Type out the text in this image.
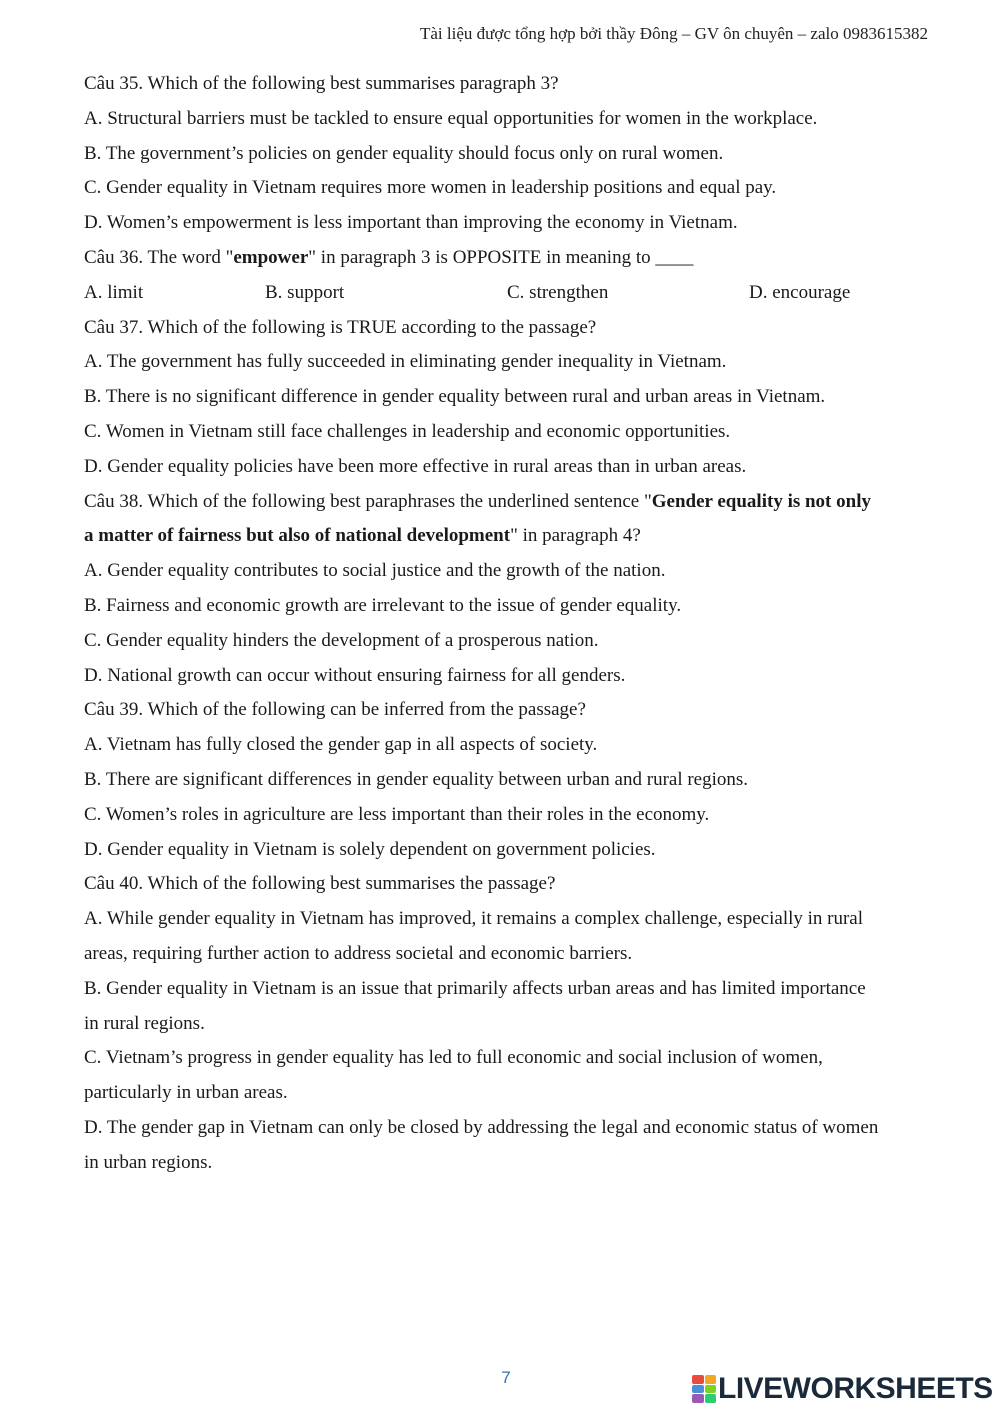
Tài liệu được tổng hợp bởi thầy Đông – GV ôn chuyên – zalo 0983615382
Câu 35. Which of the following best summarises paragraph 3?
A. Structural barriers must be tackled to ensure equal opportunities for women in the workplace.
B. The government’s policies on gender equality should focus only on rural women.
C. Gender equality in Vietnam requires more women in leadership positions and equal pay.
D. Women’s empowerment is less important than improving the economy in Vietnam.
Câu 36. The word "empower" in paragraph 3 is OPPOSITE in meaning to ____
A. limit	B. support	C. strengthen	D. encourage
Câu 37. Which of the following is TRUE according to the passage?
A. The government has fully succeeded in eliminating gender inequality in Vietnam.
B. There is no significant difference in gender equality between rural and urban areas in Vietnam.
C. Women in Vietnam still face challenges in leadership and economic opportunities.
D. Gender equality policies have been more effective in rural areas than in urban areas.
Câu 38. Which of the following best paraphrases the underlined sentence "Gender equality is not only
a matter of fairness but also of national development" in paragraph 4?
A. Gender equality contributes to social justice and the growth of the nation.
B. Fairness and economic growth are irrelevant to the issue of gender equality.
C. Gender equality hinders the development of a prosperous nation.
D. National growth can occur without ensuring fairness for all genders.
Câu 39. Which of the following can be inferred from the passage?
A. Vietnam has fully closed the gender gap in all aspects of society.
B. There are significant differences in gender equality between urban and rural regions.
C. Women’s roles in agriculture are less important than their roles in the economy.
D. Gender equality in Vietnam is solely dependent on government policies.
Câu 40. Which of the following best summarises the passage?
A. While gender equality in Vietnam has improved, it remains a complex challenge, especially in rural
areas, requiring further action to address societal and economic barriers.
B. Gender equality in Vietnam is an issue that primarily affects urban areas and has limited importance
in rural regions.
C. Vietnam’s progress in gender equality has led to full economic and social inclusion of women,
particularly in urban areas.
D. The gender gap in Vietnam can only be closed by addressing the legal and economic status of women
in urban regions.
7	LIVEWORKSHEETS
